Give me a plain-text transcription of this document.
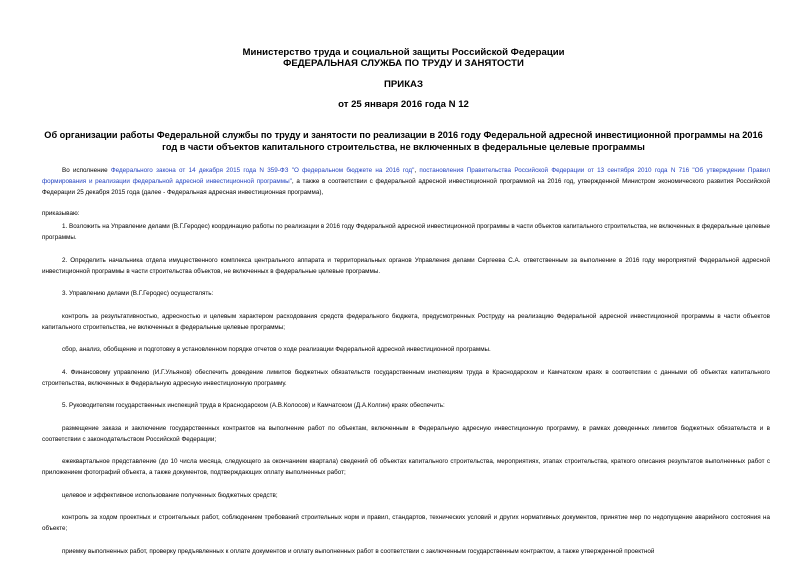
Министерство труда и социальной защиты Российской Федерации
ФЕДЕРАЛЬНАЯ СЛУЖБА ПО ТРУДУ И ЗАНЯТОСТИ
ПРИКАЗ
от 25 января 2016 года N 12
Об организации работы Федеральной службы по труду и занятости по реализации в 2016 году Федеральной адресной инвестиционной программы на 2016 год в части объектов капитального строительства, не включенных в федеральные целевые программы

Во исполнение Федерального закона от 14 декабря 2015 года N 359-ФЗ "О федеральном бюджете на 2016 год", постановления Правительства Российской Федерации от 13 сентября 2010 года N 716 "Об утверждении Правил формирования и реализации федеральной адресной инвестиционной программы", а также в соответствии с федеральной адресной инвестиционной программой на 2016 год, утвержденной Министром экономического развития Российской Федерации 25 декабря 2015 года (далее - Федеральная адресная инвестиционная программа),

приказываю:

1. Возложить на Управление делами (В.Г.Геродес) координацию работы по реализации в 2016 году Федеральной адресной инвестиционной программы в части объектов капитального строительства, не включенных в федеральные целевые программы.

2. Определить начальника отдела имущественного комплекса центрального аппарата и территориальных органов Управления делами Сергеева С.А. ответственным за выполнение в 2016 году мероприятий Федеральной адресной инвестиционной программы в части строительства объектов, не включенных в федеральные целевые программы.

3. Управлению делами (В.Г.Геродес) осуществлять:

контроль за результативностью, адресностью и целевым характером расходования средств федерального бюджета, предусмотренных Роструду на реализацию Федеральной адресной инвестиционной программы в части объектов капитального строительства, не включенных в федеральные целевые программы;

сбор, анализ, обобщение и подготовку в установленном порядке отчетов о ходе реализации Федеральной адресной инвестиционной программы.

4. Финансовому управлению (И.Г.Ульянов) обеспечить доведение лимитов бюджетных обязательств государственным инспекциям труда в Краснодарском и Камчатском краях в соответствии с данными об объектах капитального строительства, включенных в Федеральную адресную инвестиционную программу.

5. Руководителям государственных инспекций труда в Краснодарском (А.В.Колосов) и Камчатском (Д.А.Колгин) краях обеспечить:

размещение заказа и заключение государственных контрактов на выполнение работ по объектам, включенным в Федеральную адресную инвестиционную программу, в рамках доведенных лимитов бюджетных обязательств и в соответствии с законодательством Российской Федерации;

ежеквартальное представление (до 10 числа месяца, следующего за окончанием квартала) сведений об объектах капитального строительства, мероприятиях, этапах строительства, краткого описания результатов выполненных работ с приложением фотографий объекта, а также документов, подтверждающих оплату выполненных работ;

целевое и эффективное использование полученных бюджетных средств;

контроль за ходом проектных и строительных работ, соблюдением требований строительных норм и правил, стандартов, технических условий и других нормативных документов, принятие мер по недопущение аварийного состояния на объекте;

приемку выполненных работ, проверку предъявленных к оплате документов и оплату выполненных работ в соответствии с заключенным государственным контрактом, а также утвержденной проектной
